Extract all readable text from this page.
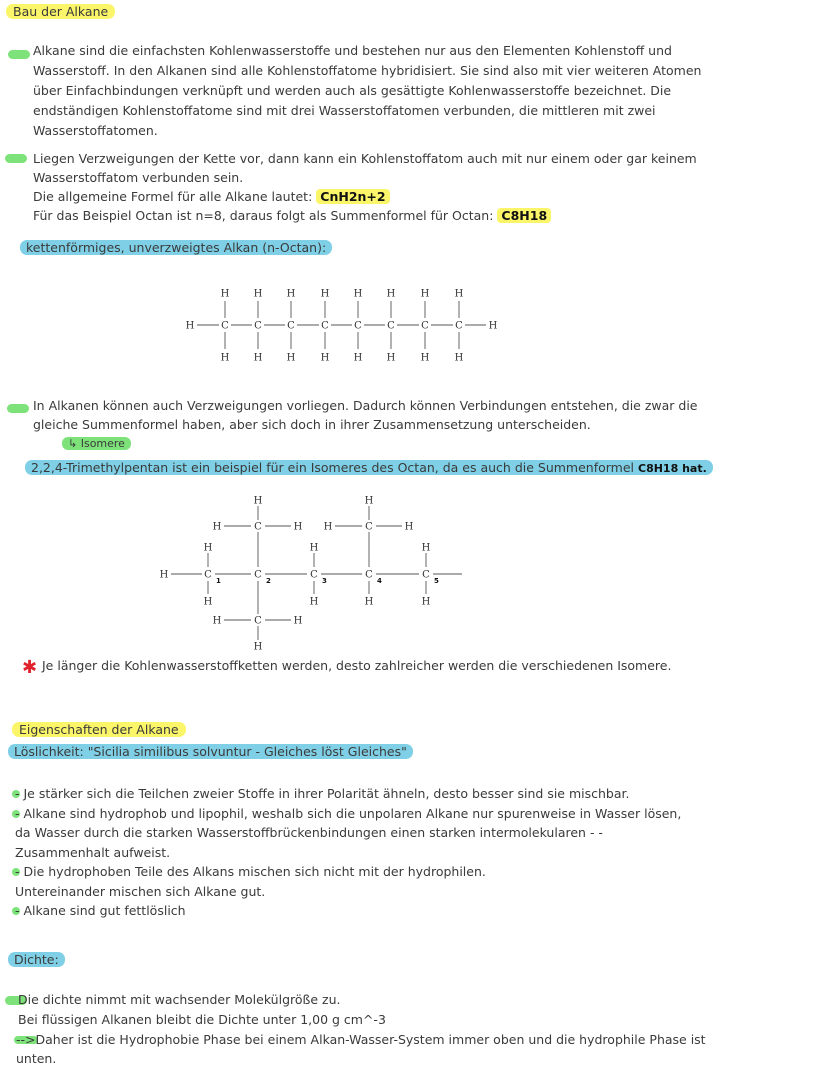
Bau der Alkane
Alkane sind die einfachsten Kohlenwasserstoffe und bestehen nur aus den Elementen Kohlenstoff und
Wasserstoff. In den Alkanen sind alle Kohlenstoffatome hybridisiert. Sie sind also mit vier weiteren Atomen
über Einfachbindungen verknüpft und werden auch als gesättigte Kohlenwasserstoffe bezeichnet. Die
endständigen Kohlenstoffatome sind mit drei Wasserstoffatomen verbunden, die mittleren mit zwei
Wasserstoffatomen.
Liegen Verzweigungen der Kette vor, dann kann ein Kohlenstoffatom auch mit nur einem oder gar keinem
Wasserstoffatom verbunden sein.
Die allgemeine Formel für alle Alkane lautet: CnH2n+2
Für das Beispiel Octan ist n=8, daraus folgt als Summenformel für Octan: C8H18
kettenförmiges, unverzweigtes Alkan (n-Octan):
H	H
C
H
H
C
H
H
C
H
H
C
H
H
C
H
H
C
H
H
C
H
H
C
H
H
In Alkanen können auch Verzweigungen vorliegen. Dadurch können Verbindungen entstehen, die zwar die
gleiche Summenformel haben, aber sich doch in ihrer Zusammensetzung unterscheiden.
↳ Isomere
2,2,4-Trimethylpentan ist ein beispiel für ein Isomeres des Octan, da es auch die Summenformel C8H18 hat.
H	C
1
C
2
C
3
C
4
C
5
H
H
C
H
H	H
C
H
H	H
H
H
C
H
H	H
H
H
H
✱ Je länger die Kohlenwasserstoffketten werden, desto zahlreicher werden die verschiedenen Isomere.
Eigenschaften der Alkane
Löslichkeit: "Sicilia similibus solvuntur - Gleiches löst Gleiches"
- Je stärker sich die Teilchen zweier Stoffe in ihrer Polarität ähneln, desto besser sind sie mischbar.
- Alkane sind hydrophob und lipophil, weshalb sich die unpolaren Alkane nur spurenweise in Wasser lösen,
da Wasser durch die starken Wasserstoffbrückenbindungen einen starken intermolekularen - -
Zusammenhalt aufweist.
- Die hydrophoben Teile des Alkans mischen sich nicht mit der hydrophilen.
Untereinander mischen sich Alkane gut.
- Alkane sind gut fettlöslich
Dichte:
Die dichte nimmt mit wachsender Molekülgröße zu.
Bei flüssigen Alkanen bleibt die Dichte unter 1,00 g cm^-3
-->Daher ist die Hydrophobie Phase bei einem Alkan-Wasser-System immer oben und die hydrophile Phase ist
unten.
